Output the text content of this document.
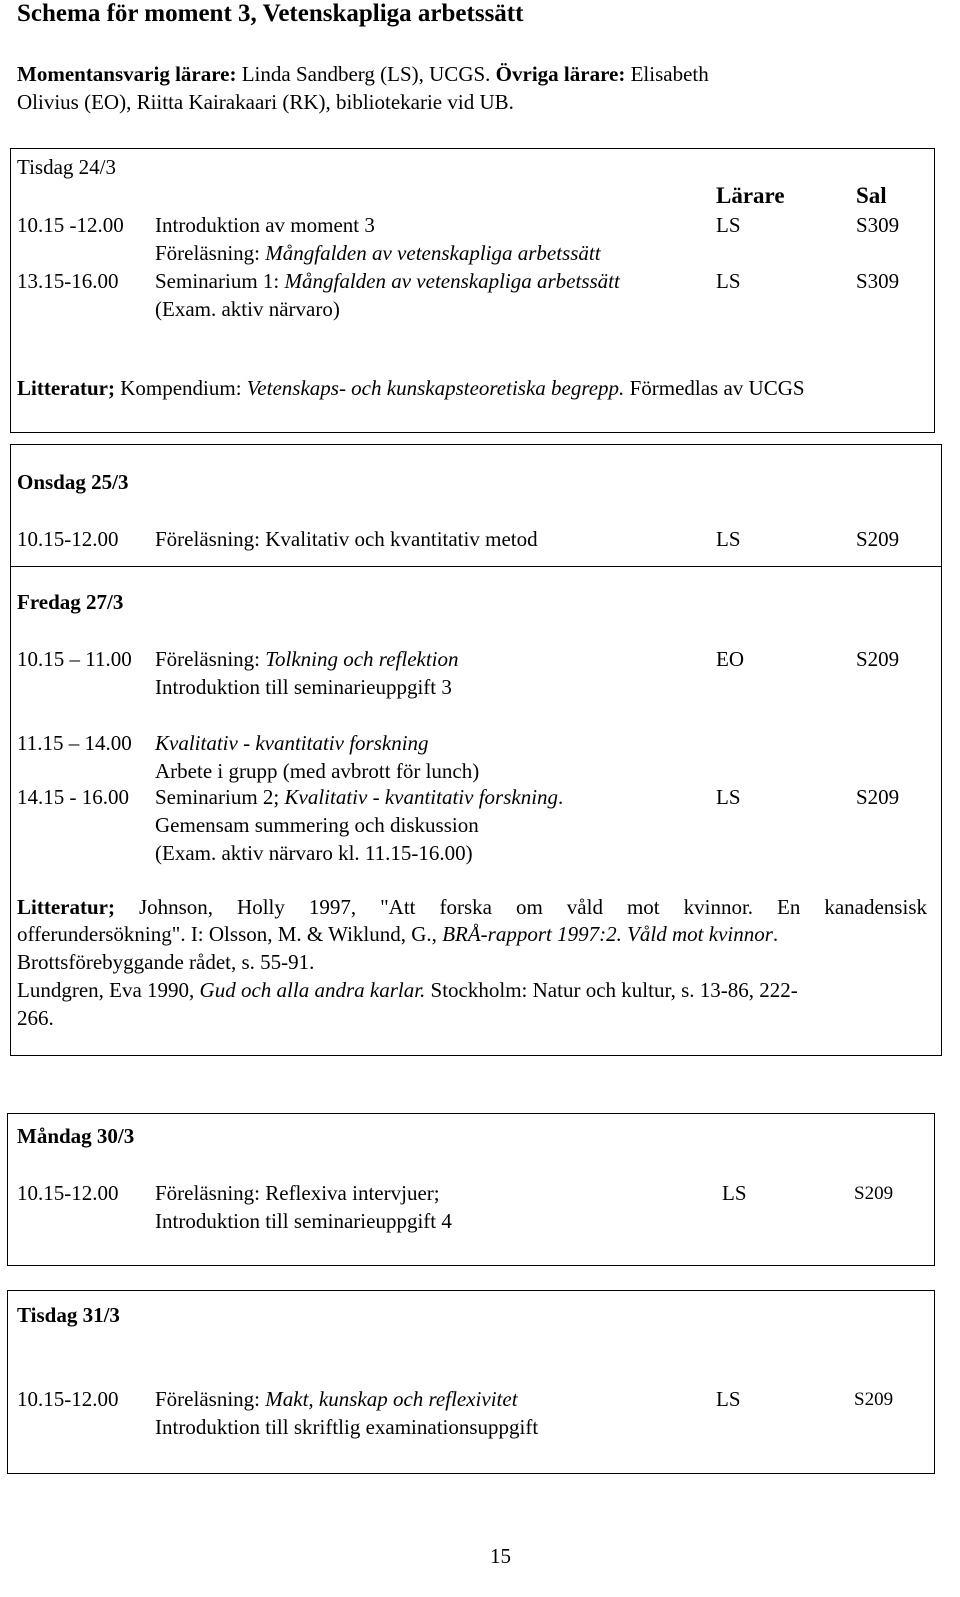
Schema för moment 3, Vetenskapliga arbetssätt
Momentansvarig lärare: Linda Sandberg (LS), UCGS. Övriga lärare: Elisabeth
Olivius (EO), Riitta Kairakaari (RK), bibliotekarie vid UB.
Tisdag 24/3
Lärare	Sal
10.15 -12.00 Introduktion av moment 3	LS	S309
Föreläsning: Mångfalden av vetenskapliga arbetssätt
13.15-16.00 Seminarium 1: Mångfalden av vetenskapliga arbetssätt	LS	S309
(Exam. aktiv närvaro)
Litteratur; Kompendium: Vetenskaps- och kunskapsteoretiska begrepp. Förmedlas av UCGS
Onsdag 25/3
10.15-12.00 Föreläsning: Kvalitativ och kvantitativ metod	LS	S209
Fredag 27/3
10.15 – 11.00 Föreläsning: Tolkning och reflektion	EO	S209
Introduktion till seminarieuppgift 3
11.15 – 14.00 Kvalitativ - kvantitativ forskning
Arbete i grupp (med avbrott för lunch)
14.15 - 16.00 Seminarium 2; Kvalitativ - kvantitativ forskning.	LS	S209
Gemensam summering och diskussion
(Exam. aktiv närvaro kl. 11.15-16.00)
Litteratur; Johnson, Holly 1997, "Att forska om våld mot kvinnor. En kanadensisk
offerundersökning". I: Olsson, M. & Wiklund, G., BRÅ-rapport 1997:2. Våld mot kvinnor.
Brottsförebyggande rådet, s. 55-91.
Lundgren, Eva 1990, Gud och alla andra karlar. Stockholm: Natur och kultur, s. 13-86, 222-
266.
Måndag 30/3
10.15-12.00 Föreläsning: Reflexiva intervjuer;	LS	S209
Introduktion till seminarieuppgift 4
Tisdag 31/3
10.15-12.00 Föreläsning: Makt, kunskap och reflexivitet	LS	S209
Introduktion till skriftlig examinationsuppgift
15
